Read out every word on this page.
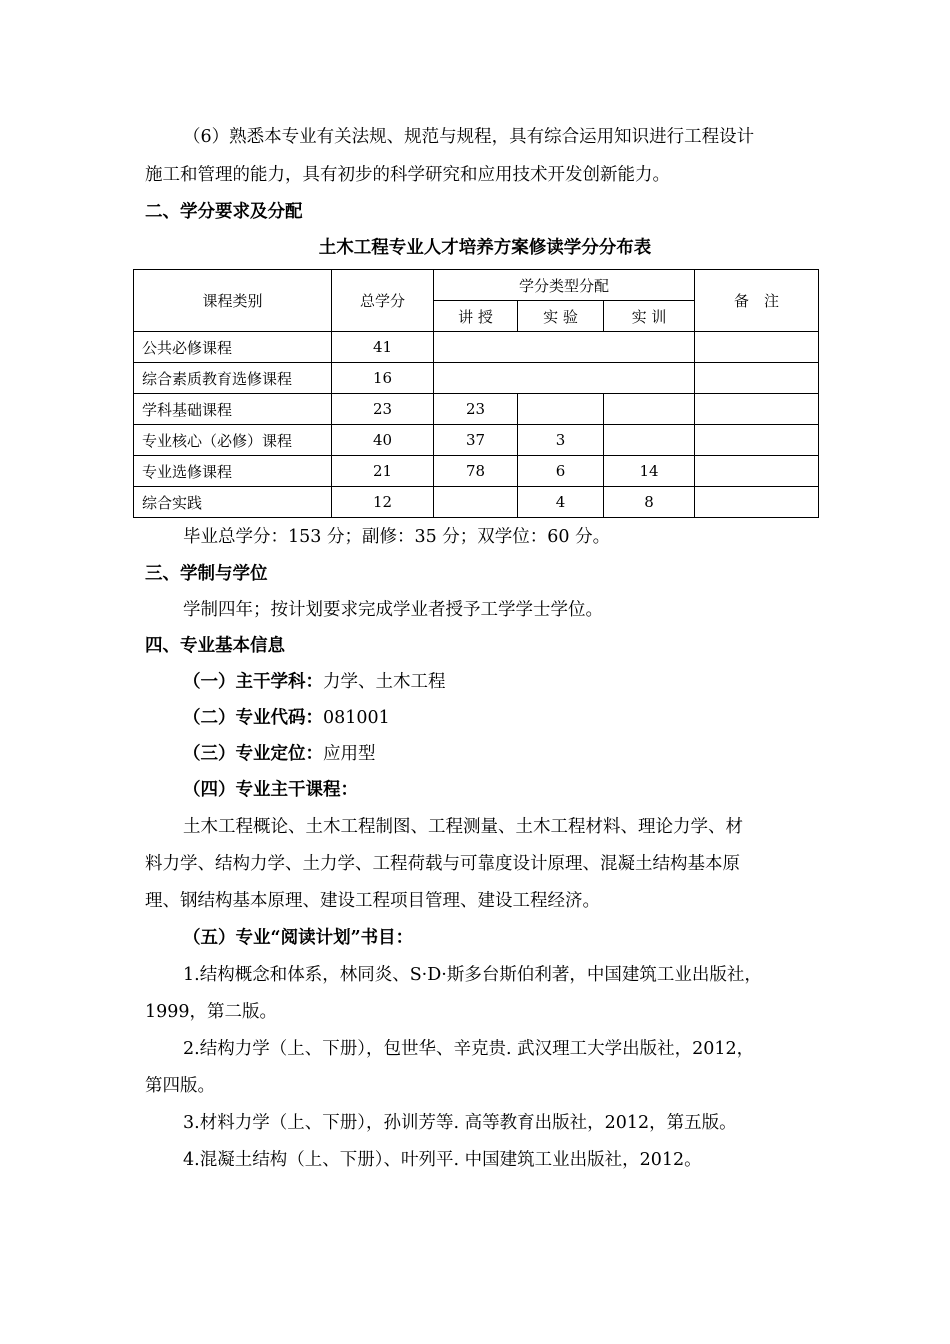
（6）熟悉本专业有关法规、规范与规程，具有综合运用知识进行工程设计
施工和管理的能力，具有初步的科学研究和应用技术开发创新能力。
二、学分要求及分配
土木工程专业人才培养方案修读学分分布表
课程类别	总学分	学分类型分配			备　注
		讲 授	实 验	实 训	
公共必修课程	41				
综合素质教育选修课程	16				
学科基础课程	23	23			
专业核心（必修）课程	40	37	3		
专业选修课程	21	78	6	14	
综合实践	12		4	8	
毕业总学分：153 分；副修：35 分；双学位：60 分。
三、学制与学位
学制四年；按计划要求完成学业者授予工学学士学位。
四、专业基本信息
（一）主干学科：力学、土木工程
（二）专业代码：081001
（三）专业定位：应用型
（四）专业主干课程：
土木工程概论、土木工程制图、工程测量、土木工程材料、理论力学、材
料力学、结构力学、土力学、工程荷载与可靠度设计原理、混凝土结构基本原
理、钢结构基本原理、建设工程项目管理、建设工程经济。
（五）专业“阅读计划”书目：
1.结构概念和体系，林同炎、S·D·斯多台斯伯利著，中国建筑工业出版社，
1999，第二版。
2.结构力学（上、下册），包世华、辛克贵. 武汉理工大学出版社，2012，
第四版。
3.材料力学（上、下册），孙训芳等. 高等教育出版社，2012，第五版。
4.混凝土结构（上、下册）、叶列平. 中国建筑工业出版社，2012。
